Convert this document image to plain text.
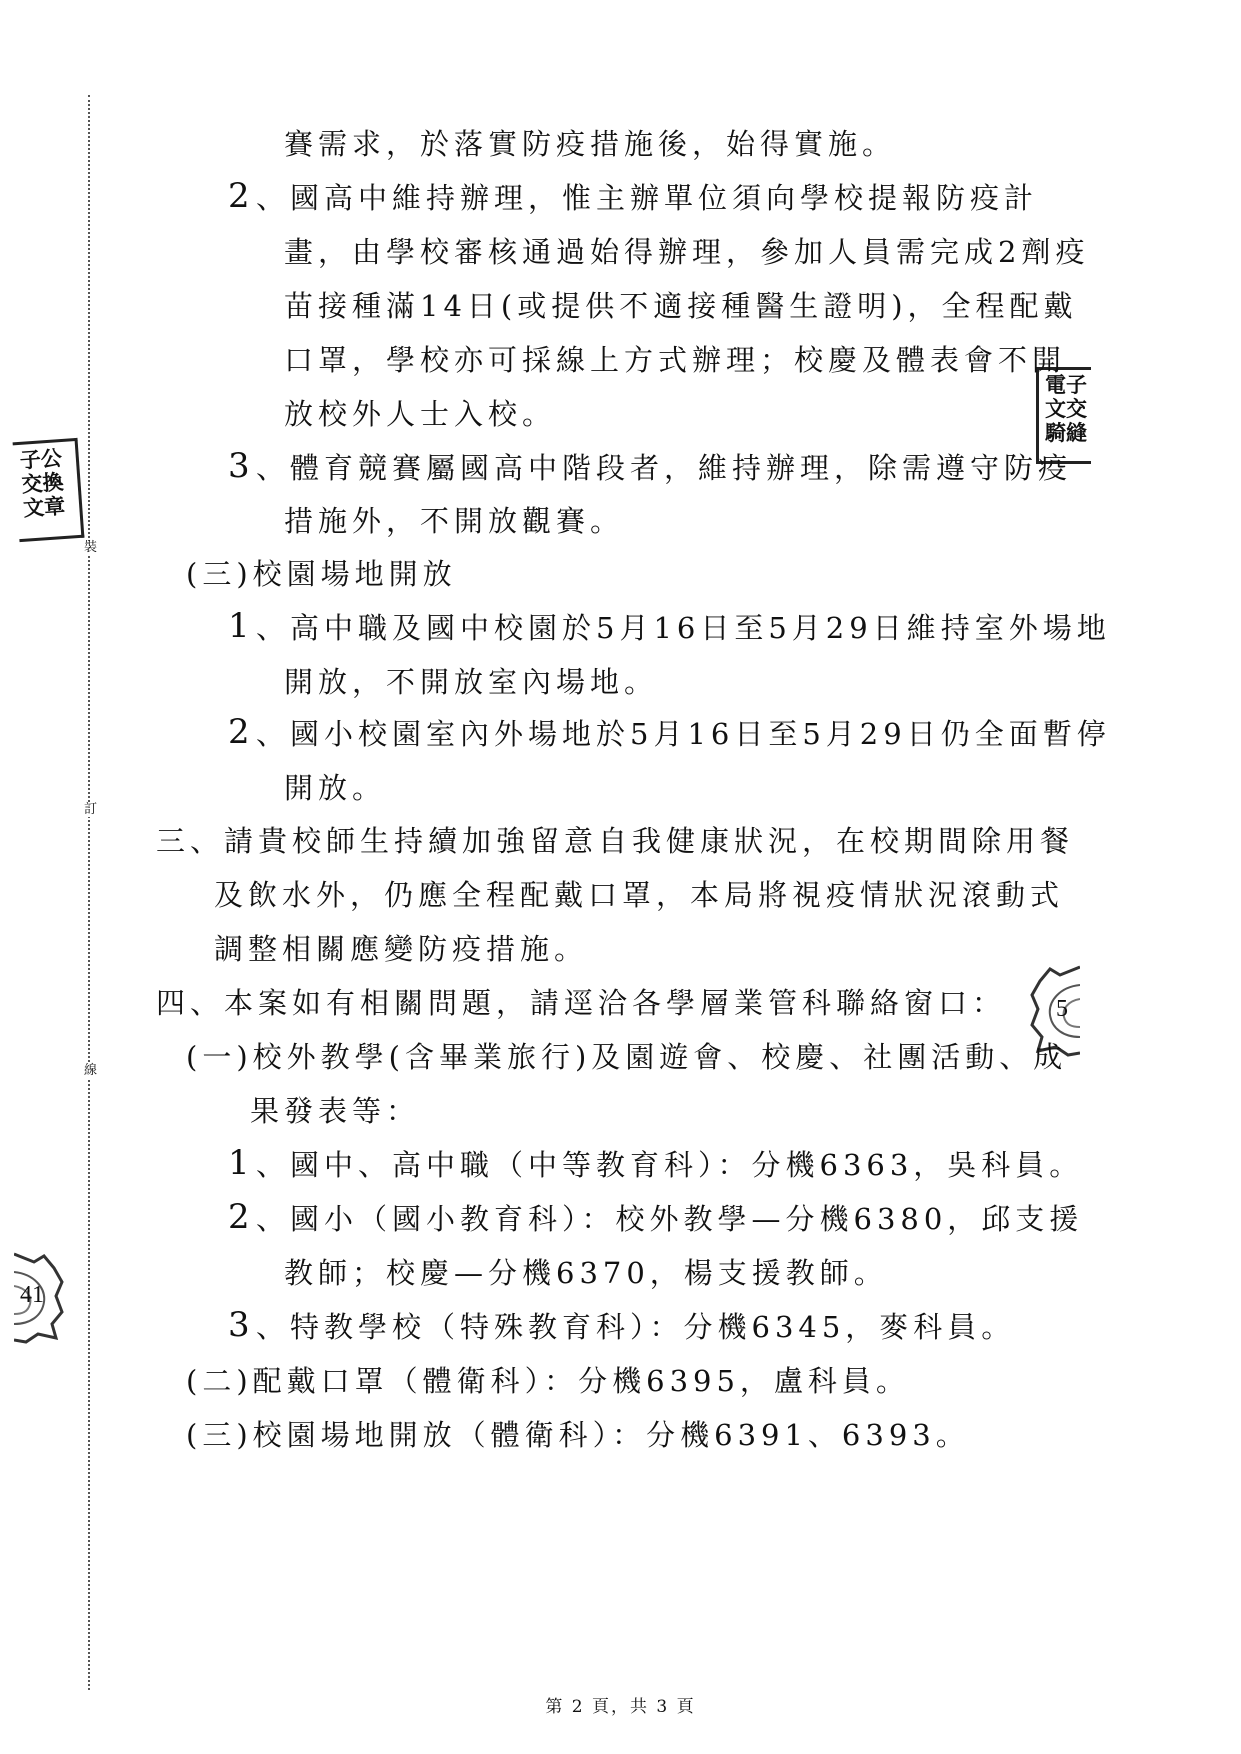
裝
訂
線
電子
文交
騎縫
子公
交換
文章
5
41
賽需求，於落實防疫措施後，始得實施。
2 、國高中維持辦理，惟主辦單位須向學校提報防疫計
畫，由學校審核通過始得辦理，參加人員需完成2劑疫
苗接種滿14日(或提供不適接種醫生證明)，全程配戴
口罩，學校亦可採線上方式辦理；校慶及體表會不開
放校外人士入校。
3 、體育競賽屬國高中階段者，維持辦理，除需遵守防疫
措施外，不開放觀賽。
(三)校園場地開放
1 、高中職及國中校園於5月16日至5月29日維持室外場地
開放，不開放室內場地。
2 、國小校園室內外場地於5月16日至5月29日仍全面暫停
開放。
三、請貴校師生持續加強留意自我健康狀況，在校期間除用餐
及飲水外，仍應全程配戴口罩，本局將視疫情狀況滾動式
調整相關應變防疫措施。
四、本案如有相關問題，請逕洽各學層業管科聯絡窗口：
(一)校外教學(含畢業旅行)及園遊會、校慶、社團活動、成
果發表等：
1 、國中、高中職（中等教育科）：分機6363，吳科員。
2 、國小（國小教育科）：校外教學—分機6380，邱支援
教師；校慶—分機6370，楊支援教師。
3 、特教學校（特殊教育科）：分機6345，麥科員。
(二)配戴口罩（體衛科）：分機6395，盧科員。
(三)校園場地開放（體衛科）：分機6391、6393。
第 2 頁，共 3 頁
